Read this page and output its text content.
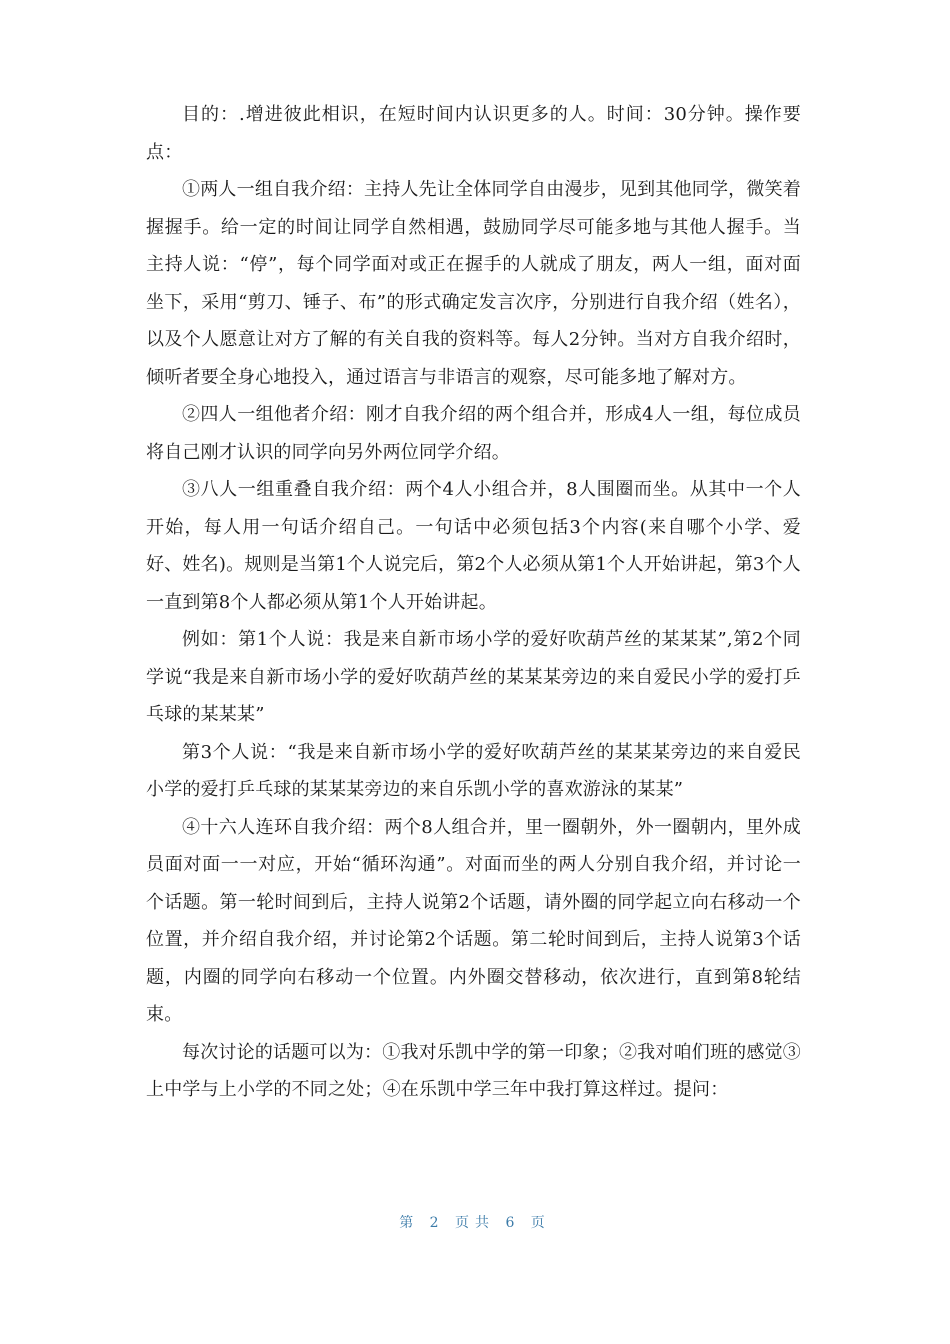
目的：.增进彼此相识，在短时间内认识更多的人。时间：30分钟。操作要点：

①两人一组自我介绍：主持人先让全体同学自由漫步，见到其他同学，微笑着握握手。给一定的时间让同学自然相遇，鼓励同学尽可能多地与其他人握手。当主持人说：“停”，每个同学面对或正在握手的人就成了朋友，两人一组，面对面坐下，采用“剪刀、锤子、布”的形式确定发言次序，分别进行自我介绍（姓名），以及个人愿意让对方了解的有关自我的资料等。每人2分钟。当对方自我介绍时，倾听者要全身心地投入，通过语言与非语言的观察，尽可能多地了解对方。

②四人一组他者介绍：刚才自我介绍的两个组合并，形成4人一组，每位成员将自己刚才认识的同学向另外两位同学介绍。

③八人一组重叠自我介绍：两个4人小组合并，8人围圈而坐。从其中一个人开始，每人用一句话介绍自己。一句话中必须包括3个内容(来自哪个小学、爱好、姓名)。规则是当第1个人说完后，第2个人必须从第1个人开始讲起，第3个人一直到第8个人都必须从第1个人开始讲起。

例如：第1个人说：我是来自新市场小学的爱好吹葫芦丝的某某某”,第2个同学说“我是来自新市场小学的爱好吹葫芦丝的某某某旁边的来自爱民小学的爱打乒乓球的某某某”

第3个人说：“我是来自新市场小学的爱好吹葫芦丝的某某某旁边的来自爱民小学的爱打乒乓球的某某某旁边的来自乐凯小学的喜欢游泳的某某”

④十六人连环自我介绍：两个8人组合并，里一圈朝外，外一圈朝内，里外成员面对面一一对应，开始“循环沟通”。对面而坐的两人分别自我介绍，并讨论一个话题。第一轮时间到后，主持人说第2个话题，请外圈的同学起立向右移动一个位置，并介绍自我介绍，并讨论第2个话题。第二轮时间到后，主持人说第3个话题，内圈的同学向右移动一个位置。内外圈交替移动，依次进行，直到第8轮结束。

每次讨论的话题可以为：①我对乐凯中学的第一印象；②我对咱们班的感觉③上中学与上小学的不同之处；④在乐凯中学三年中我打算这样过。提问：

第 2 页共 6 页
